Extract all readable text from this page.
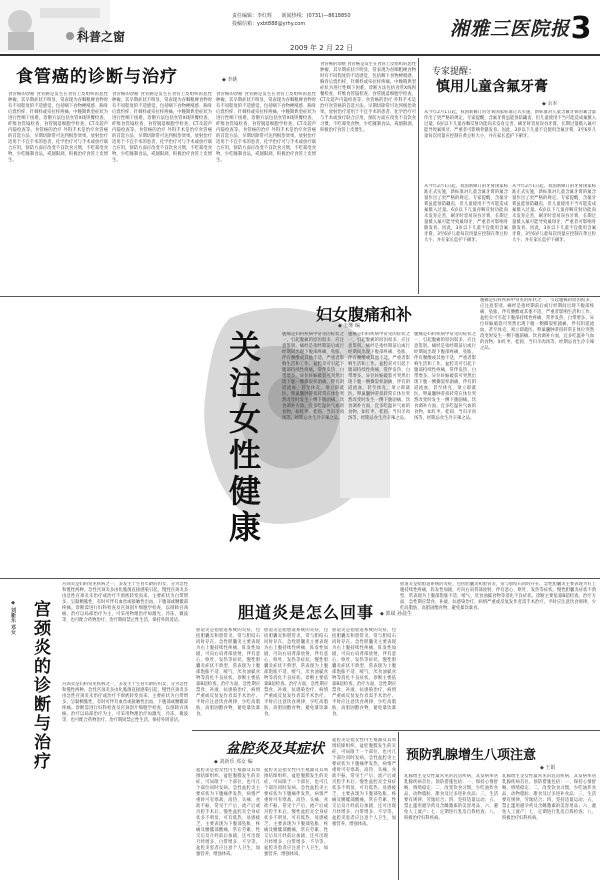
科普之窗
责任编辑：李红辉 新闻热线：(0731)—8618850
投稿信箱：yxbt888@yrhy.com
2009 年 2 月 22 日
湘雅三医院报 3
食管癌的诊断与治疗	◆ 李姚
食管癌的诊断 食管癌是发生在食管上皮组织的恶性肿瘤，其早期症状不明显，常表现为吞咽粗硬食物时有不同程度的不适感觉，包括咽下食物梗噎感、胸骨后烧灼样、针刺样或牵拉样疼痛。中晚期典型症状为进行性咽下困难。诊断方法包括食管X线钡餐检查、纤维食管镜检查、食管脱落细胞学检查、CT及超声内镜检查等。食管癌的治疗 外科手术是治疗食管癌的首选方法，早期切除常可达到根治效果。放射治疗适用于不宜手术的患者，化学治疗可与手术或放疗联合应用。预防方面应改变不良饮食习惯，不吃霉变食物，少吃腌制食品，戒烟限酒，积极治疗食管上皮增生。
食管癌的诊断 食管癌是发生在食管上皮组织的恶性肿瘤，其早期症状不明显，常表现为吞咽粗硬食物时有不同程度的不适感觉，包括咽下食物梗噎感、胸骨后烧灼样、针刺样或牵拉样疼痛。中晚期典型症状为进行性咽下困难。诊断方法包括食管X线钡餐检查、纤维食管镜检查、食管脱落细胞学检查、CT及超声内镜检查等。食管癌的治疗 外科手术是治疗食管癌的首选方法，早期切除常可达到根治效果。放射治疗适用于不宜手术的患者，化学治疗可与手术或放疗联合应用。预防方面应改变不良饮食习惯，不吃霉变食物，少吃腌制食品，戒烟限酒，积极治疗食管上皮增生。
食管癌的诊断 食管癌是发生在食管上皮组织的恶性肿瘤，其早期症状不明显，常表现为吞咽粗硬食物时有不同程度的不适感觉，包括咽下食物梗噎感、胸骨后烧灼样、针刺样或牵拉样疼痛。中晚期典型症状为进行性咽下困难。诊断方法包括食管X线钡餐检查、纤维食管镜检查、食管脱落细胞学检查、CT及超声内镜检查等。食管癌的治疗 外科手术是治疗食管癌的首选方法，早期切除常可达到根治效果。放射治疗适用于不宜手术的患者，化学治疗可与手术或放疗联合应用。预防方面应改变不良饮食习惯，不吃霉变食物，少吃腌制食品，戒烟限酒，积极治疗食管上皮增生。
食管癌的诊断 食管癌是发生在食管上皮组织的恶性肿瘤，其早期症状不明显，常表现为吞咽粗硬食物时有不同程度的不适感觉，包括咽下食物梗噎感、胸骨后烧灼样、针刺样或牵拉样疼痛。中晚期典型症状为进行性咽下困难。诊断方法包括食管X线钡餐检查、纤维食管镜检查、食管脱落细胞学检查、CT及超声内镜检查等。食管癌的治疗 外科手术是治疗食管癌的首选方法，早期切除常可达到根治效果。放射治疗适用于不宜手术的患者，化学治疗可与手术或放疗联合应用。预防方面应改变不良饮食习惯，不吃霉变食物，少吃腌制食品，戒烟限酒，积极治疗食管上皮增生。
专家提醒：
慎用儿童含氟牙膏
◆ 余本
从今年2月1日起，我国新修订的牙膏国家标准正式实施，新标准对儿童含氟牙膏的氟含量作出了更严格的规定。专家提醒，含氟牙膏虽能预防龋齿，但儿童使用不当可能造成氟摄入过量。6岁以下儿童吞咽反射功能尚未发育完善，刷牙时容易误吞牙膏，长期过量摄入氟可能导致氟斑牙，严重者可影响骨骼发育。因此，3岁以下儿童不宜使用含氟牙膏，3至6岁儿童每次用量应控制在黄豆粒大小，并在家长监护下刷牙。
从今年2月1日起，我国新修订的牙膏国家标准正式实施，新标准对儿童含氟牙膏的氟含量作出了更严格的规定。专家提醒，含氟牙膏虽能预防龋齿，但儿童使用不当可能造成氟摄入过量。6岁以下儿童吞咽反射功能尚未发育完善，刷牙时容易误吞牙膏，长期过量摄入氟可能导致氟斑牙，严重者可影响骨骼发育。因此，3岁以下儿童不宜使用含氟牙膏，3至6岁儿童每次用量应控制在黄豆粒大小，并在家长监护下刷牙。
从今年2月1日起，我国新修订的牙膏国家标准正式实施，新标准对儿童含氟牙膏的氟含量作出了更严格的规定。专家提醒，含氟牙膏虽能预防龋齿，但儿童使用不当可能造成氟摄入过量。6岁以下儿童吞咽反射功能尚未发育完善，刷牙时容易误吞牙膏，长期过量摄入氟可能导致氟斑牙，严重者可影响骨骼发育。因此，3岁以下儿童不宜使用含氟牙膏，3至6岁儿童每次用量应控制在黄豆粒大小，并在家长监护下刷牙。
关注女性健康
妇女腹痛和补
◆ 王继 编
腹痛是妇科疾病中常见的症状之一，引起腹痛的原因很多，应注意鉴别。痛经是指经期前后或行经期间出现下腹部疼痛、坠胀，伴有腰酸或其他不适，严重者影响生活和工作。盆腔炎可引起下腹部持续性疼痛，常伴发热、白带增多。异位妊娠破裂可突然出现下腹一侧撕裂样剧痛，伴有阴道流血，甚至休克，须立即就医。卵巢囊肿蒂扭转常在体位突然改变时发生一侧下腹剧痛。饮食调补方面，宜多吃温补气血的食物，如红枣、桂圆、当归羊肉汤等，经期忌食生冷辛辣之品。
腹痛是妇科疾病中常见的症状之一，引起腹痛的原因很多，应注意鉴别。痛经是指经期前后或行经期间出现下腹部疼痛、坠胀，伴有腰酸或其他不适，严重者影响生活和工作。盆腔炎可引起下腹部持续性疼痛，常伴发热、白带增多。异位妊娠破裂可突然出现下腹一侧撕裂样剧痛，伴有阴道流血，甚至休克，须立即就医。卵巢囊肿蒂扭转常在体位突然改变时发生一侧下腹剧痛。饮食调补方面，宜多吃温补气血的食物，如红枣、桂圆、当归羊肉汤等，经期忌食生冷辛辣之品。
腹痛是妇科疾病中常见的症状之一，引起腹痛的原因很多，应注意鉴别。痛经是指经期前后或行经期间出现下腹部疼痛、坠胀，伴有腰酸或其他不适，严重者影响生活和工作。盆腔炎可引起下腹部持续性疼痛，常伴发热、白带增多。异位妊娠破裂可突然出现下腹一侧撕裂样剧痛，伴有阴道流血，甚至休克，须立即就医。卵巢囊肿蒂扭转常在体位突然改变时发生一侧下腹剧痛。饮食调补方面，宜多吃温补气血的食物，如红枣、桂圆、当归羊肉汤等，经期忌食生冷辛辣之品。
腹痛是妇科疾病中常见的症状之一，引起腹痛的原因很多，应注意鉴别。痛经是指经期前后或行经期间出现下腹部疼痛、坠胀，伴有腰酸或其他不适，严重者影响生活和工作。盆腔炎可引起下腹部持续性疼痛，常伴发热、白带增多。异位妊娠破裂可突然出现下腹一侧撕裂样剧痛，伴有阴道流血，甚至休克，须立即就医。卵巢囊肿蒂扭转常在体位突然改变时发生一侧下腹剧痛。饮食调补方面，宜多吃温补气血的食物，如红枣、桂圆、当归羊肉汤等，经期忌食生冷辛辣之品。
宫颈炎是妇科常见疾病之一，多发生于生育年龄的妇女，分为急性和慢性两种。急性宫颈炎多由化脓菌直接感染引起，慢性宫颈炎多由急性宫颈炎未治疗或治疗不彻底转变而来。主要症状为白带增多，呈黏稠脓性，有时可伴有血丝或接触性出血，下腹部或腰骶部疼痛。诊断需进行妇科检查及宫颈刮片细胞学检查，以排除宫颈癌。治疗以局部治疗为主，可采用物理治疗如激光、冷冻、微波等，也可配合药物治疗。治疗期间禁止性生活，保持外阴清洁。
宫颈炎的诊断与治疗
◆ 刘新乐 邓女
宫颈炎是妇科常见疾病之一，多发生于生育年龄的妇女，分为急性和慢性两种。急性宫颈炎多由化脓菌直接感染引起，慢性宫颈炎多由急性宫颈炎未治疗或治疗不彻底转变而来。主要症状为白带增多，呈黏稠脓性，有时可伴有血丝或接触性出血，下腹部或腰骶部疼痛。诊断需进行妇科检查及宫颈刮片细胞学检查，以排除宫颈癌。治疗以局部治疗为主，可采用物理治疗如激光、冷冻、微波等，也可配合药物治疗。治疗期间禁止性生活，保持外阴清洁。
胆道炎是怎么回事 ◆ 郭斌 孙晨生
胆道炎是指胆道系统的炎症，包括胆囊炎和胆管炎，常与胆结石同时存在。急性胆囊炎主要表现为右上腹持续性疼痛，阵发性加剧，可向右肩背部放射，伴有恶心、呕吐、发热等症状。慢性胆囊炎症状不典型，常表现为上腹部饱胀不适、嗳气、厌食油腻食物等消化不良症状。诊断主要依靠B超检查。治疗方面，急性期应禁食、补液、抗感染治疗，病情严重或反复发作者需手术治疗。平时应注意饮食规律，少吃高脂肪、高胆固醇食物，避免暴饮暴食。
胆道炎是指胆道系统的炎症，包括胆囊炎和胆管炎，常与胆结石同时存在。急性胆囊炎主要表现为右上腹持续性疼痛，阵发性加剧，可向右肩背部放射，伴有恶心、呕吐、发热等症状。慢性胆囊炎症状不典型，常表现为上腹部饱胀不适、嗳气、厌食油腻食物等消化不良症状。诊断主要依靠B超检查。治疗方面，急性期应禁食、补液、抗感染治疗，病情严重或反复发作者需手术治疗。平时应注意饮食规律，少吃高脂肪、高胆固醇食物，避免暴饮暴食。
胆道炎是指胆道系统的炎症，包括胆囊炎和胆管炎，常与胆结石同时存在。急性胆囊炎主要表现为右上腹持续性疼痛，阵发性加剧，可向右肩背部放射，伴有恶心、呕吐、发热等症状。慢性胆囊炎症状不典型，常表现为上腹部饱胀不适、嗳气、厌食油腻食物等消化不良症状。诊断主要依靠B超检查。治疗方面，急性期应禁食、补液、抗感染治疗，病情严重或反复发作者需手术治疗。平时应注意饮食规律，少吃高脂肪、高胆固醇食物，避免暴饮暴食。
胆道炎是指胆道系统的炎症，包括胆囊炎和胆管炎，常与胆结石同时存在。急性胆囊炎主要表现为右上腹持续性疼痛，阵发性加剧，可向右肩背部放射，伴有恶心、呕吐、发热等症状。慢性胆囊炎症状不典型，常表现为上腹部饱胀不适、嗳气、厌食油腻食物等消化不良症状。诊断主要依靠B超检查。治疗方面，急性期应禁食、补液、抗感染治疗，病情严重或反复发作者需手术治疗。平时应注意饮食规律，少吃高脂肪、高胆固醇食物，避免暴饮暴食。
盆腔炎及其症状
◆ 刘新乐 邓女 编
盆腔炎是指女性内生殖器及其周围结缔组织、盆腔腹膜发生的炎症，可局限于一个部位，也可几个部位同时发病。急性盆腔炎主要症状为下腹痛伴发热，病情严重时可有寒战、高热、头痛、食欲不振，常见于产后、流产后或宫腔手术后。慢性盆腔炎全身症状多不明显，可有低热、易感疲乏，主要表现为下腹部坠胀、疼痛及腰骶部酸痛，常在劳累、性交后及月经前后加剧，还可出现月经增多、白带增多、不孕等。盆腔炎患者应注意个人卫生，加强营养，增强体质。
盆腔炎是指女性内生殖器及其周围结缔组织、盆腔腹膜发生的炎症，可局限于一个部位，也可几个部位同时发病。急性盆腔炎主要症状为下腹痛伴发热，病情严重时可有寒战、高热、头痛、食欲不振，常见于产后、流产后或宫腔手术后。慢性盆腔炎全身症状多不明显，可有低热、易感疲乏，主要表现为下腹部坠胀、疼痛及腰骶部酸痛，常在劳累、性交后及月经前后加剧，还可出现月经增多、白带增多、不孕等。盆腔炎患者应注意个人卫生，加强营养，增强体质。
盆腔炎是指女性内生殖器及其周围结缔组织、盆腔腹膜发生的炎症，可局限于一个部位，也可几个部位同时发病。急性盆腔炎主要症状为下腹痛伴发热，病情严重时可有寒战、高热、头痛、食欲不振，常见于产后、流产后或宫腔手术后。慢性盆腔炎全身症状多不明显，可有低热、易感疲乏，主要表现为下腹部坠胀、疼痛及腰骶部酸痛，常在劳累、性交后及月经前后加剧，还可出现月经增多、白带增多、不孕等。盆腔炎患者应注意个人卫生，加强营养，增强体质。
预防乳腺增生八项注意
◆ 王娟
乳腺增生是女性最常见的乳房疾病，其发病率居乳腺疾病首位。预防措施包括：一、保持心情舒畅，情绪稳定；二、改变饮食习惯，少吃油炸食品、动物脂肪、甜食及过多进补食品；三、生活要有规律，劳逸结合；四、坚持适量运动；五、禁止滥用避孕药及含雌激素的美容用品；六、避免人工流产；七、定期进行乳房自我检查；八、积极治疗妇科疾病。
乳腺增生是女性最常见的乳房疾病，其发病率居乳腺疾病首位。预防措施包括：一、保持心情舒畅，情绪稳定；二、改变饮食习惯，少吃油炸食品、动物脂肪、甜食及过多进补食品；三、生活要有规律，劳逸结合；四、坚持适量运动；五、禁止滥用避孕药及含雌激素的美容用品；六、避免人工流产；七、定期进行乳房自我检查；八、积极治疗妇科疾病。
